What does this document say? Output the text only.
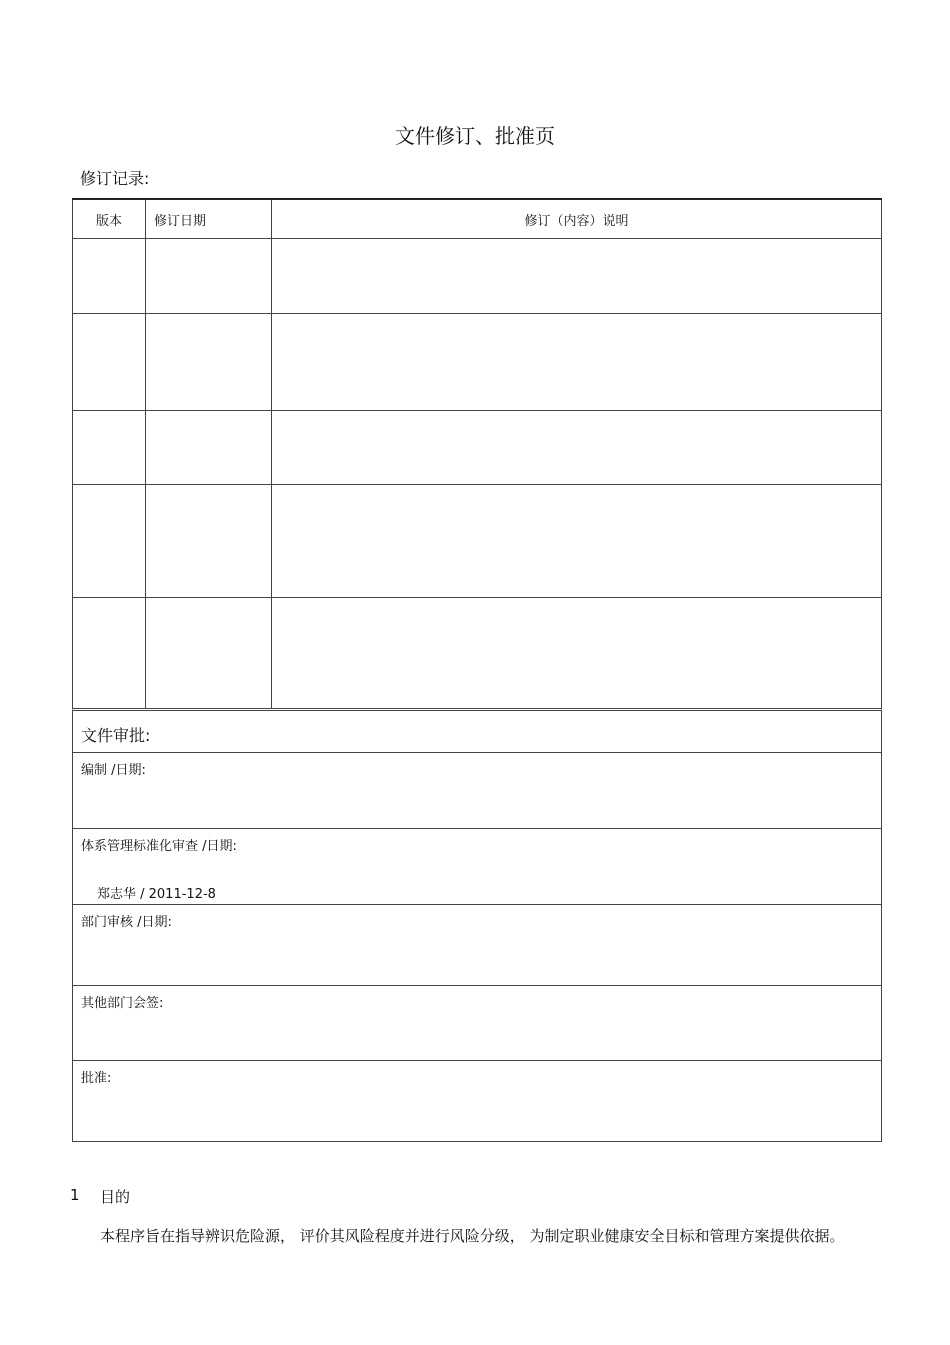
文件修订、批准页
修订记录:
版本	修订日期	修订（内容）说明

文件审批:
编制 /日期:
体系管理标准化审查 /日期:
郑志华 / 2011-12-8
部门审核 /日期:
其他部门会签:
批准:
1 目的
本程序旨在指导辨识危险源， 评价其风险程度并进行风险分级， 为制定职业健康安全目标和管理方案提供依据。
